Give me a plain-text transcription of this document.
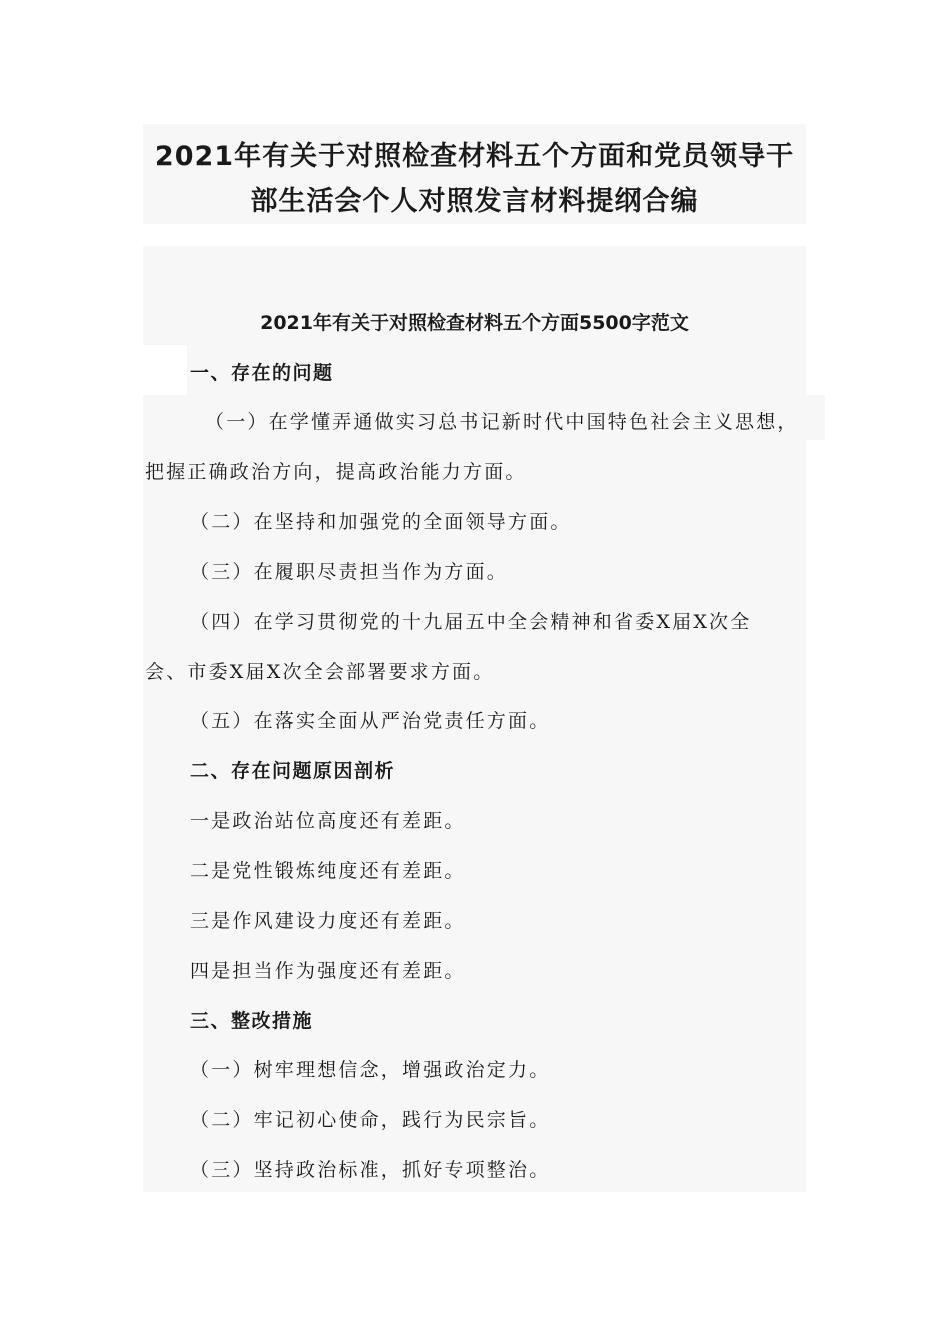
2021年有关于对照检查材料五个方面和党员领导干
部生活会个人对照发言材料提纲合编
2021年有关于对照检查材料五个方面5500字范文

一、存在的问题

（一）在学懂弄通做实习总书记新时代中国特色社会主义思想，

把握正确政治方向，提高政治能力方面。

（二）在坚持和加强党的全面领导方面。

（三）在履职尽责担当作为方面。

（四）在学习贯彻党的十九届五中全会精神和省委X届X次全

会、市委X届X次全会部署要求方面。

（五）在落实全面从严治党责任方面。

二、存在问题原因剖析

一是政治站位高度还有差距。

二是党性锻炼纯度还有差距。

三是作风建设力度还有差距。

四是担当作为强度还有差距。

三、整改措施

（一）树牢理想信念，增强政治定力。

（二）牢记初心使命，践行为民宗旨。

（三）坚持政治标准，抓好专项整治。
